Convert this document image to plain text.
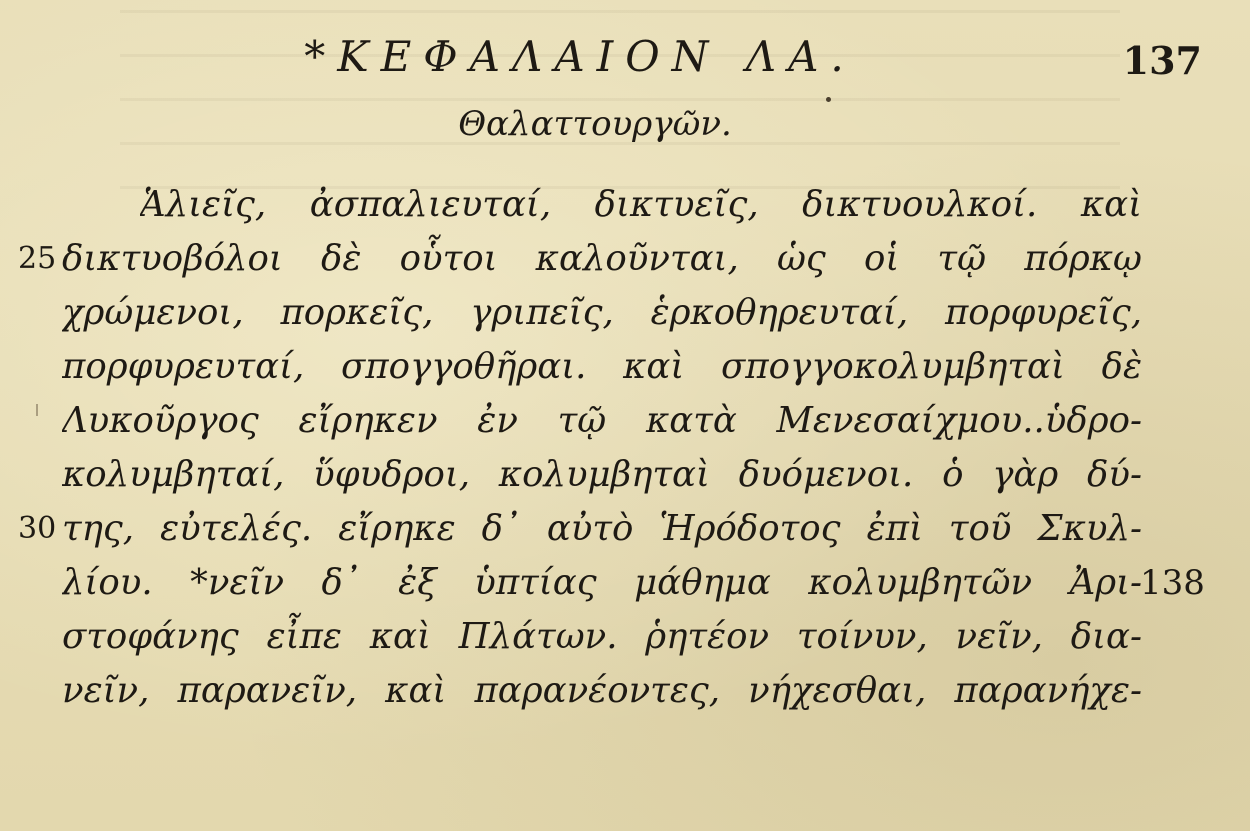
*ΚΕΦΑΛΑΙΟΝ ΛΑ.	137
Θαλαττουργῶν.
Ἁλιεῖς, ἀσπαλιευταί, δικτυεῖς, δικτυουλκοί. καὶ
25 δικτυοβόλοι δὲ οὗτοι καλοῦνται, ὡς οἱ τῷ πόρκῳ
χρώμενοι, πορκεῖς, γριπεῖς, ἑρκοθηρευταί, πορφυρεῖς,
πορφυρευταί, σπογγοθῆραι. καὶ σπογγοκολυμβηταὶ δὲ
Λυκοῦργος εἴρηκεν ἐν τῷ κατὰ Μενεσαίχμου..ὑδρο-
κολυμβηταί, ὕφυδροι, κολυμβηταὶ δυόμενοι. ὁ γὰρ δύ-
30 της, εὐτελές. εἴρηκε δ᾽ αὐτὸ Ἡρόδοτος ἐπὶ τοῦ Σκυλ-
λίου. *νεῖν δ᾽ ἐξ ὑπτίας μάθημα κολυμβητῶν Ἀρι-
138
στοφάνης εἶπε καὶ Πλάτων. ῥητέον τοίνυν, νεῖν, δια-
νεῖν, παρανεῖν, καὶ παρανέοντες, νήχεσθαι, παρανήχε-
